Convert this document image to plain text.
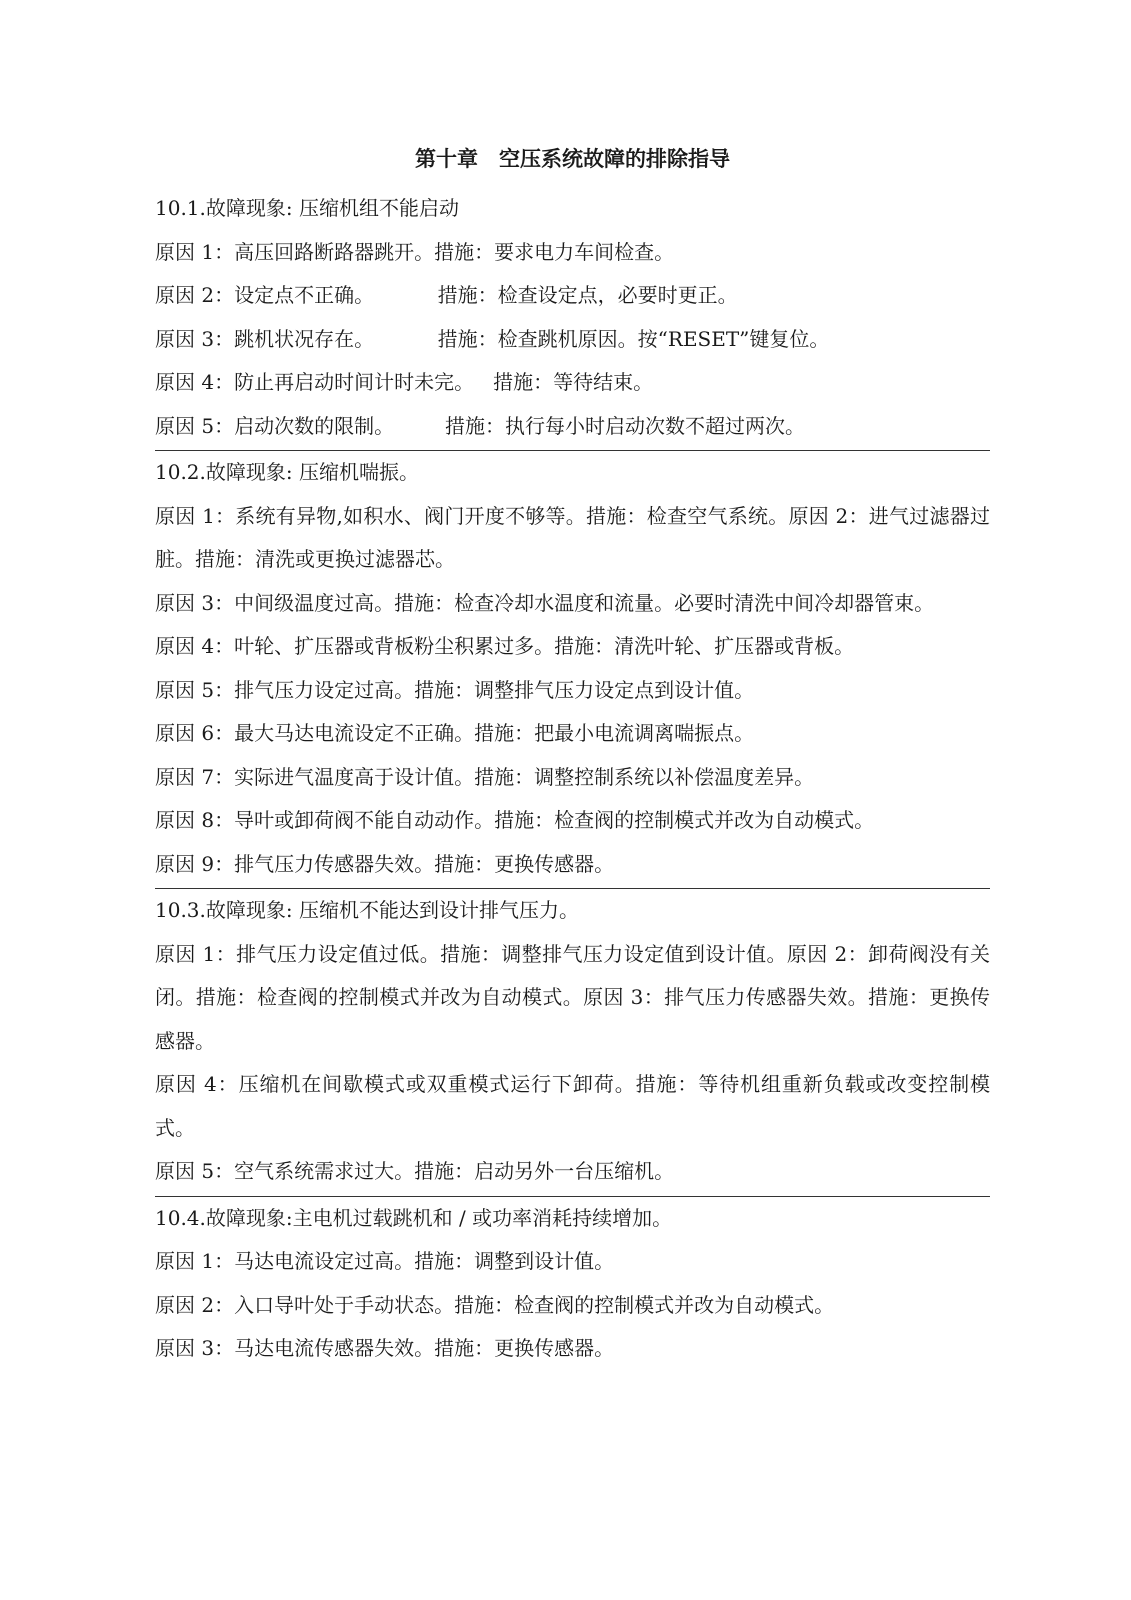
第十章　空压系统故障的排除指导
10.1.故障现象: 压缩机组不能启动
原因 1：高压回路断路器跳开。措施：要求电力车间检查。
原因 2：设定点不正确。          措施：检查设定点，必要时更正。
原因 3：跳机状况存在。          措施：检查跳机原因。按“RESET”键复位。
原因 4：防止再启动时间计时未完。   措施：等待结束。
原因 5：启动次数的限制。        措施：执行每小时启动次数不超过两次。
10.2.故障现象: 压缩机喘振。
原因 1：系统有异物,如积水、阀门开度不够等。措施：检查空气系统。原因 2：进气过滤器过脏。措施：清洗或更换过滤器芯。
原因 3：中间级温度过高。措施：检查冷却水温度和流量。必要时清洗中间冷却器管束。
原因 4：叶轮、扩压器或背板粉尘积累过多。措施：清洗叶轮、扩压器或背板。
原因 5：排气压力设定过高。措施：调整排气压力设定点到设计值。
原因 6：最大马达电流设定不正确。措施：把最小电流调离喘振点。
原因 7：实际进气温度高于设计值。措施：调整控制系统以补偿温度差异。
原因 8：导叶或卸荷阀不能自动动作。措施：检查阀的控制模式并改为自动模式。
原因 9：排气压力传感器失效。措施：更换传感器。
10.3.故障现象: 压缩机不能达到设计排气压力。
原因 1：排气压力设定值过低。措施：调整排气压力设定值到设计值。原因 2：卸荷阀没有关闭。措施：检查阀的控制模式并改为自动模式。原因 3：排气压力传感器失效。措施：更换传感器。
原因 4：压缩机在间歇模式或双重模式运行下卸荷。措施：等待机组重新负载或改变控制模式。
原因 5：空气系统需求过大。措施：启动另外一台压缩机。
10.4.故障现象:主电机过载跳机和 / 或功率消耗持续增加。
原因 1：马达电流设定过高。措施：调整到设计值。
原因 2：入口导叶处于手动状态。措施：检查阀的控制模式并改为自动模式。
原因 3：马达电流传感器失效。措施：更换传感器。
